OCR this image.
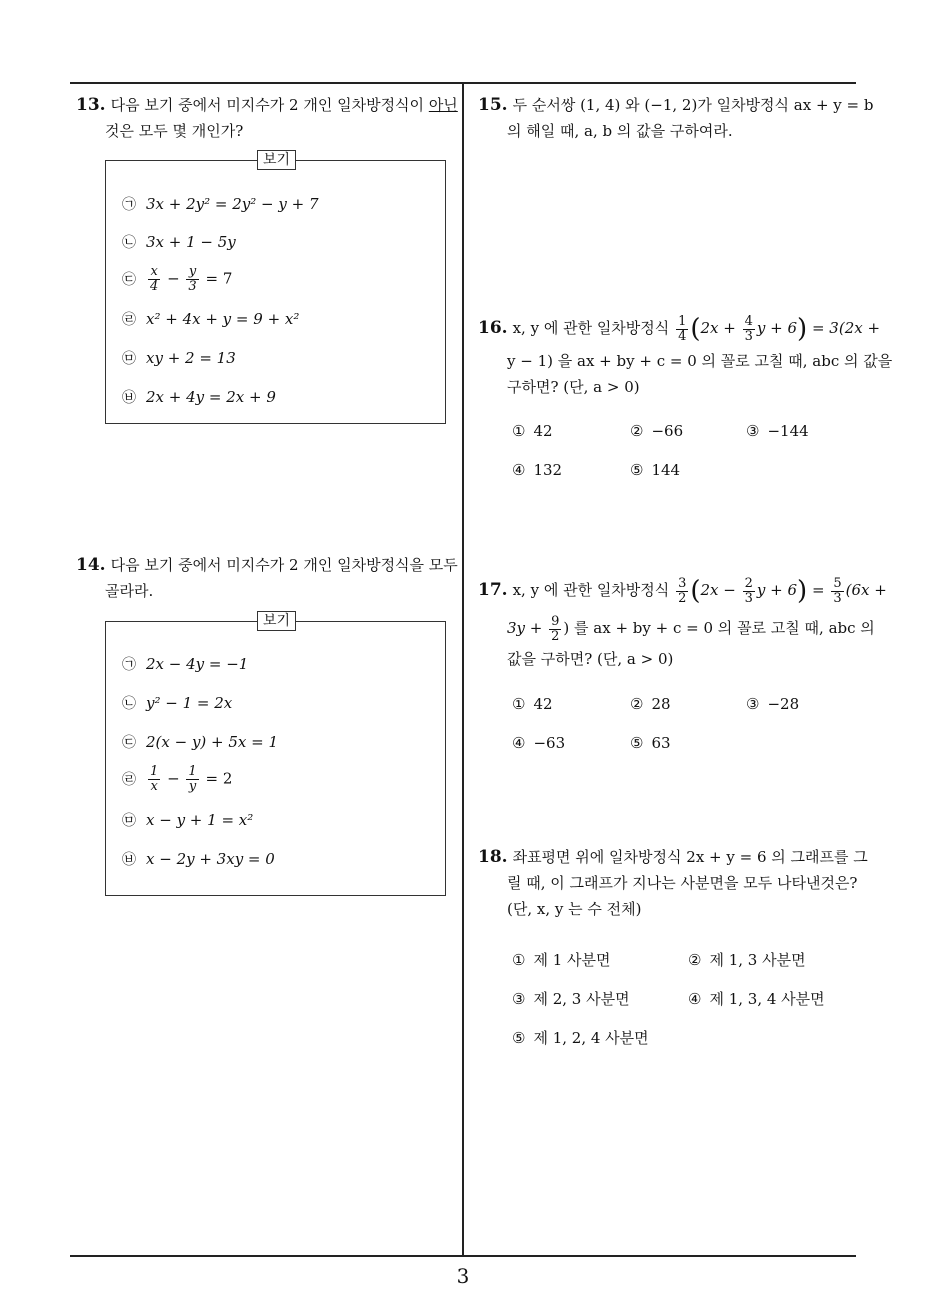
13. 다음 보기 중에서 미지수가 2 개인 일차방정식이 아닌
것은 모두 몇 개인가?
보기
㉠ 3x + 2y² = 2y² − y + 7
㉡ 3x + 1 − 5y
㉢ $\frac{x}{4} - \frac{y}{3} = 7$
㉣ x² + 4x + y = 9 + x²
㉤ xy + 2 = 13
㉥ 2x + 4y = 2x + 9
14. 다음 보기 중에서 미지수가 2 개인 일차방정식을 모두
골라라.
보기
㉠ 2x − 4y = −1
㉡ y² − 1 = 2x
㉢ 2(x − y) + 5x = 1
㉣ $\frac{1}{x} - \frac{1}{y} = 2$
㉤ x − y + 1 = x²
㉥ x − 2y + 3xy = 0
15. 두 순서쌍 (1, 4) 와 (−1, 2)가 일차방정식 ax + y = b
의 해일 때, a, b 의 값을 구하여라.
16. x, y 에 관한 일차방정식 $\frac{1}{4} (2x + \frac{4}{3}$ y + 6) = 3(2x +
y − 1) 을 ax + by + c = 0 의 꼴로 고칠 때, abc 의 값을
구하면? (단, a > 0)
① 42	② −66	③ −144
④ 132	⑤ 144
17. x, y 에 관한 일차방정식 $\frac{3}{2} (2x - \frac{2}{3}$ $y + 6) = \frac{5}{3} (6x$ +
$3y + \frac{9}{2}$ ) 를 ax + by + c = 0 의 꼴로 고칠 때, abc 의
값을 구하면? (단, a > 0)
① 42	② 28	③ −28
④ −63	⑤ 63
18. 좌표평면 위에 일차방정식 2x + y = 6 의 그래프를 그
릴 때, 이 그래프가 지나는 사분면을 모두 나타낸것은?
(단, x, y 는 수 전체)
① 제 1 사분면	② 제 1, 3 사분면
③ 제 2, 3 사분면	④ 제 1, 3, 4 사분면
⑤ 제 1, 2, 4 사분면
3
